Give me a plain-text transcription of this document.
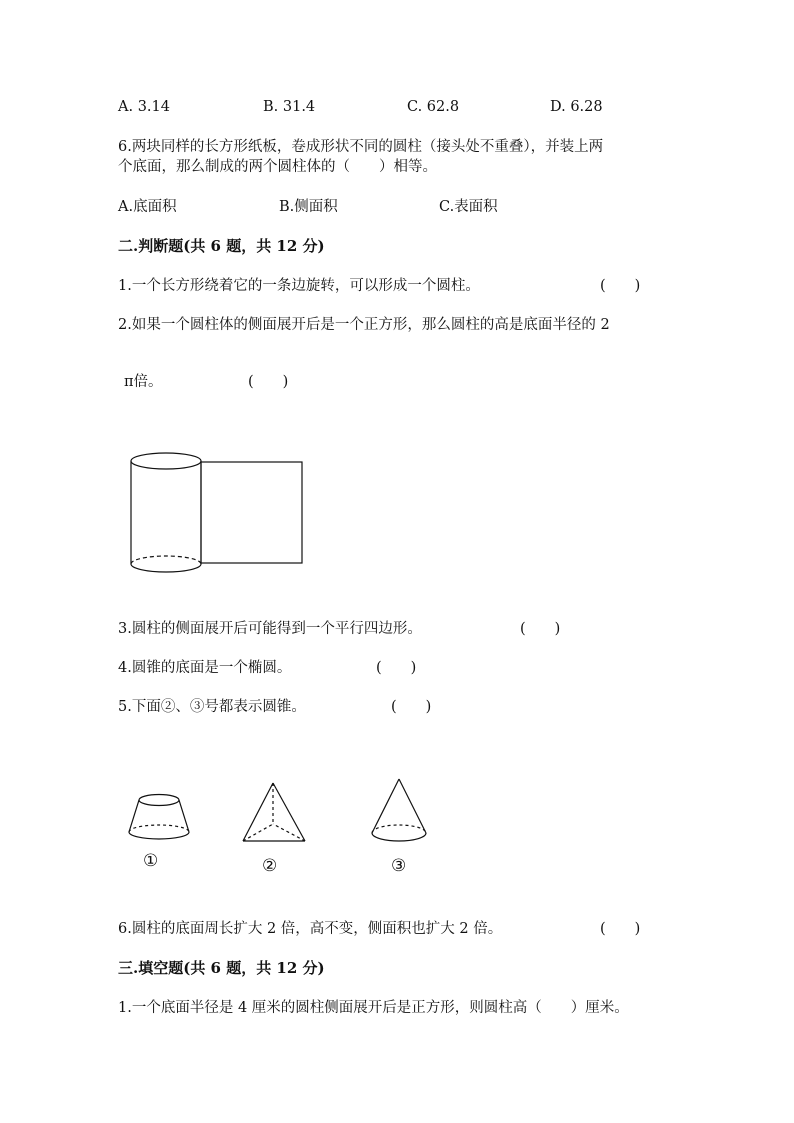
A. 3.14	B. 31.4	C. 62.8	D. 6.28
6.两块同样的长方形纸板，卷成形状不同的圆柱（接头处不重叠），并装上两
个底面，那么制成的两个圆柱体的（　　）相等。
A.底面积	B.侧面积	C.表面积
二.判断题(共 6 题，共 12 分)
1.一个长方形绕着它的一条边旋转，可以形成一个圆柱。	(　　)
2.如果一个圆柱体的侧面展开后是一个正方形，那么圆柱的高是底面半径的 2
π倍。	(　　)
3.圆柱的侧面展开后可能得到一个平行四边形。	(　　)
4.圆锥的底面是一个椭圆。	(　　)
5.下面②、③号都表示圆锥。	(　　)
①	②	③
6.圆柱的底面周长扩大 2 倍，高不变，侧面积也扩大 2 倍。	(　　)
三.填空题(共 6 题，共 12 分)
1.一个底面半径是 4 厘米的圆柱侧面展开后是正方形，则圆柱高（　　）厘米。
